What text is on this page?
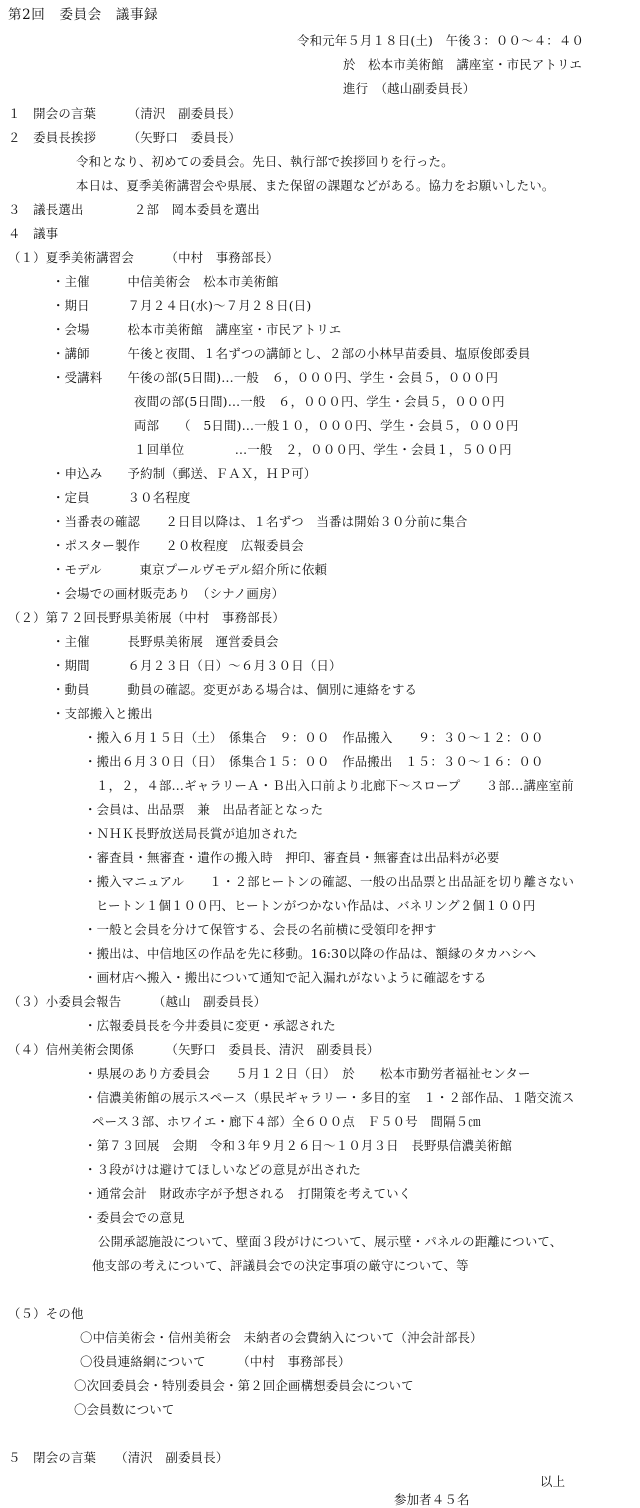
第2回　委員会　議事録
令和元年５月１８日(土)　午後３：００～４：４０
於　松本市美術館　講座室・市民アトリエ
進行　（越山副委員長）
１　開会の言葉　　　（清沢　副委員長）
２　委員長挨拶　　　（矢野口　委員長）
令和となり、初めての委員会。先日、執行部で挨拶回りを行った。
本日は、夏季美術講習会や県展、また保留の課題などがある。協力をお願いしたい。
３　議長選出　　　　２部　岡本委員を選出
４　議事
（１）夏季美術講習会　　　（中村　事務部長）
・主催　　　中信美術会　松本市美術館
・期日　　　７月２４日(水)～７月２８日(日)
・会場　　　松本市美術館　講座室・市民アトリエ
・講師　　　午後と夜間、１名ずつの講師とし、２部の小林早苗委員、塩原俊郎委員
・受講料　　午後の部(5日間)…一般　６，０００円、学生・会員５，０００円
夜間の部(5日間)…一般　６，０００円、学生・会員５，０００円
両部　　（　5日間)…一般１０，０００円、学生・会員５，０００円
１回単位　　　　…一般　２，０００円、学生・会員１，５００円
・申込み　　予約制（郵送、ＦＡＸ，ＨＰ可）
・定員　　　３０名程度
・当番表の確認　　２日目以降は、１名ずつ　当番は開始３０分前に集合
・ポスター製作　　２０枚程度　広報委員会
・モデル　　　東京プールヴモデル紹介所に依頼
・会場での画材販売あり　（シナノ画房）
（２）第７２回長野県美術展（中村　事務部長）
・主催　　　長野県美術展　運営委員会
・期間　　　６月２３日（日）～６月３０日（日）
・動員　　　動員の確認。変更がある場合は、個別に連絡をする
・支部搬入と搬出
・搬入６月１５日（土）　係集合　９：００　作品搬入　　９：３０～１２：００
・搬出６月３０日（日）　係集合１５：００　作品搬出　１５：３０～１６：００
１，２，４部…ギャラリーＡ・Ｂ出入口前より北廊下～スロープ　　３部…講座室前
・会員は、出品票　兼　出品者証となった
・ＮＨＫ長野放送局長賞が追加された
・審査員・無審査・遺作の搬入時　押印、審査員・無審査は出品料が必要
・搬入マニュアル　　１・２部ヒートンの確認、一般の出品票と出品証を切り離さない
ヒートン１個１００円、ヒートンがつかない作品は、バネリング２個１００円
・一般と会員を分けて保管する、会長の名前横に受領印を押す
・搬出は、中信地区の作品を先に移動。16:30以降の作品は、額縁のタカハシへ
・画材店へ搬入・搬出について通知で記入漏れがないように確認をする
（３）小委員会報告　　　（越山　副委員長）
・広報委員長を今井委員に変更・承認された
（４）信州美術会関係　　　（矢野口　委員長、清沢　副委員長）
・県展のあり方委員会　　５月１２日（日）　於　　松本市勤労者福祉センター
・信濃美術館の展示スペース（県民ギャラリー・多目的室　１・２部作品、１階交流ス
ペース３部、ホワイエ・廊下４部）全６００点　Ｆ５０号　間隔５㎝
・第７３回展　会期　令和３年９月２６日～１０月３日　長野県信濃美術館
・３段がけは避けてほしいなどの意見が出された
・通常会計　財政赤字が予想される　打開策を考えていく
・委員会での意見
公開承認施設について、壁面３段がけについて、展示壁・パネルの距離について、
他支部の考えについて、評議員会での決定事項の厳守について、等
（５）その他
〇中信美術会・信州美術会　未納者の会費納入について（沖会計部長）
〇役員連絡網について　　　（中村　事務部長）
〇次回委員会・特別委員会・第２回企画構想委員会について
〇会員数について
５　閉会の言葉　　（清沢　副委員長）
以上
参加者４５名
